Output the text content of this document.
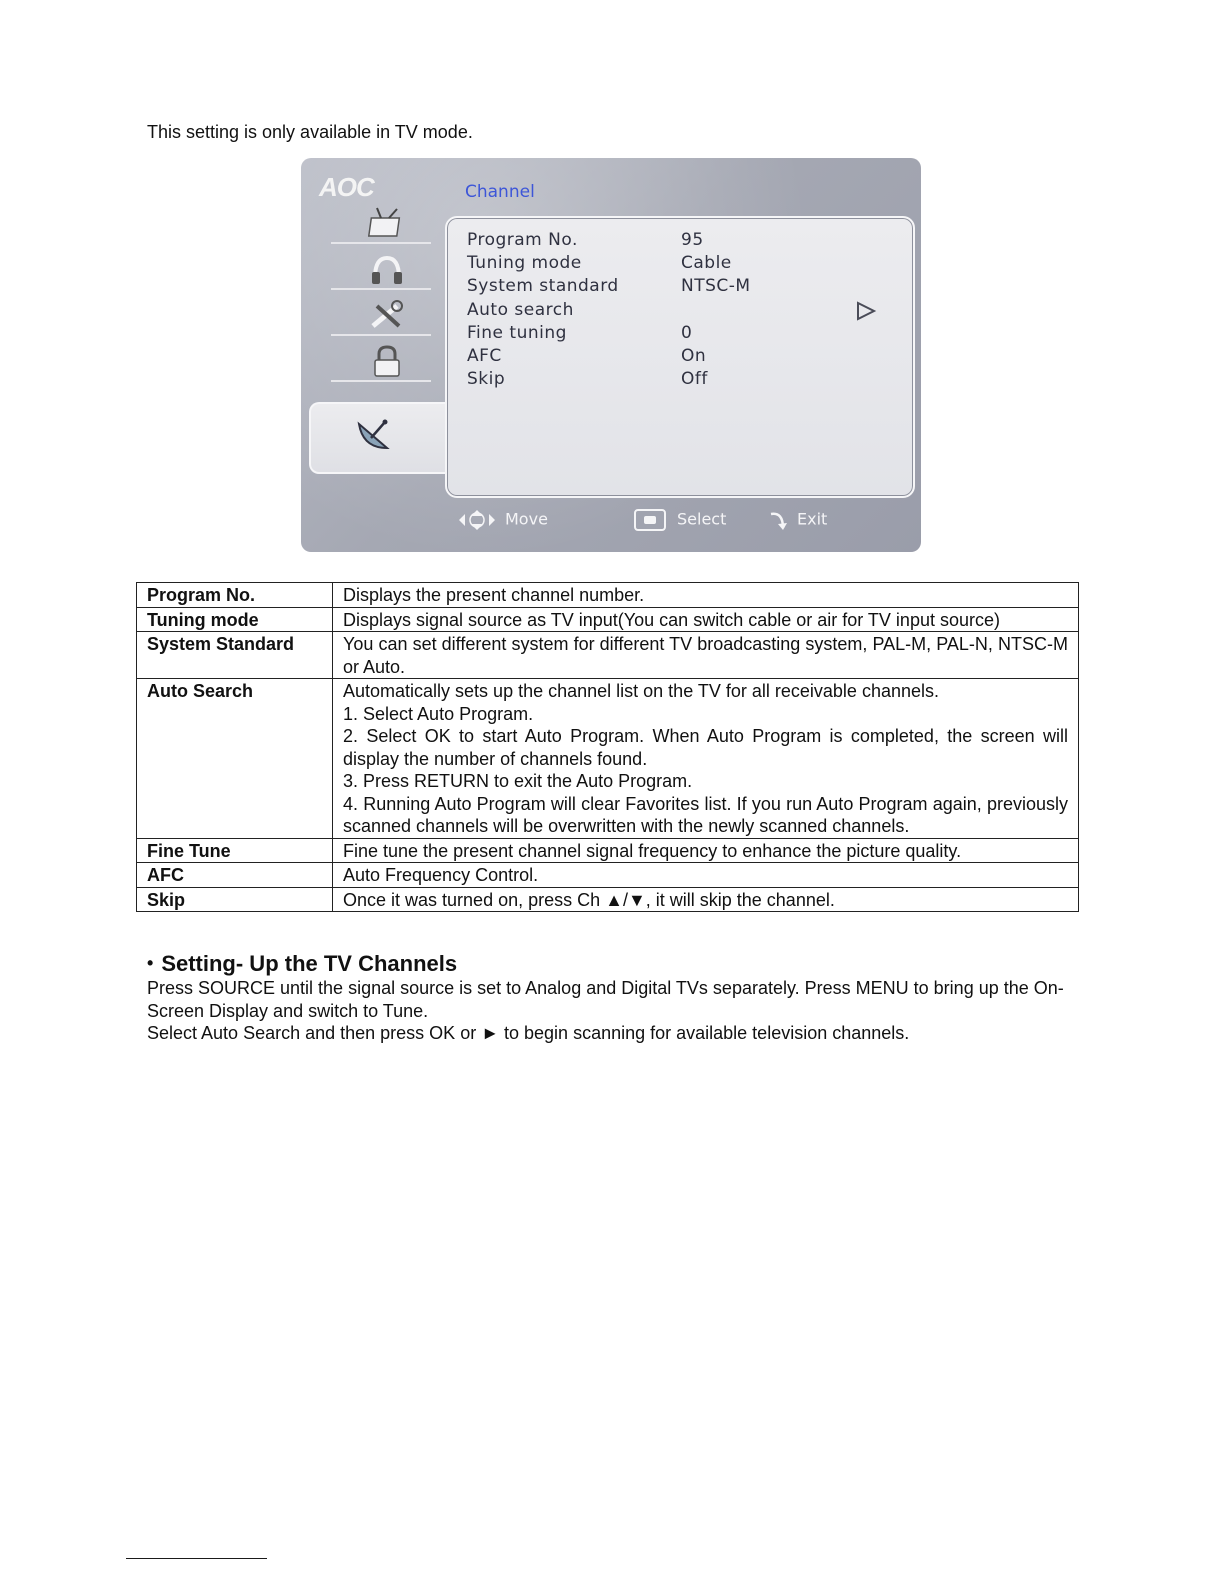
This setting is only available in TV mode.
AOC	Channel
Program No.	95
Tuning mode	Cable
System standard	NTSC-M
Auto search
Fine tuning	0
AFC	On
Skip	Off
Move	Select	Exit
Program No.	Displays the present channel number.

Tuning mode	Displays signal source as TV input(You can switch cable or air for TV input source)

System Standard	You can set different system for different TV broadcasting system, PAL-M, PAL-N, NTSC-M or Auto.

Auto Search	Automatically sets up the channel list on the TV for all receivable channels.
1. Select Auto Program.
2. Select OK to start Auto Program. When Auto Program is completed, the screen will display the number of channels found.
3. Press RETURN to exit the Auto Program.
4. Running Auto Program will clear Favorites list. If you run Auto Program again, previously scanned channels will be overwritten with the newly scanned channels.

Fine Tune	Fine tune the present channel signal frequency to enhance the picture quality.

AFC	Auto Frequency Control.

Skip	Once it was turned on, press Ch ▲/▼, it will skip the channel.
• Setting- Up the TV Channels
Press SOURCE until the signal source is set to Analog and Digital TVs separately. Press MENU to bring up the On-Screen Display and switch to Tune.
Select Auto Search and then press OK or ► to begin scanning for available television channels.
